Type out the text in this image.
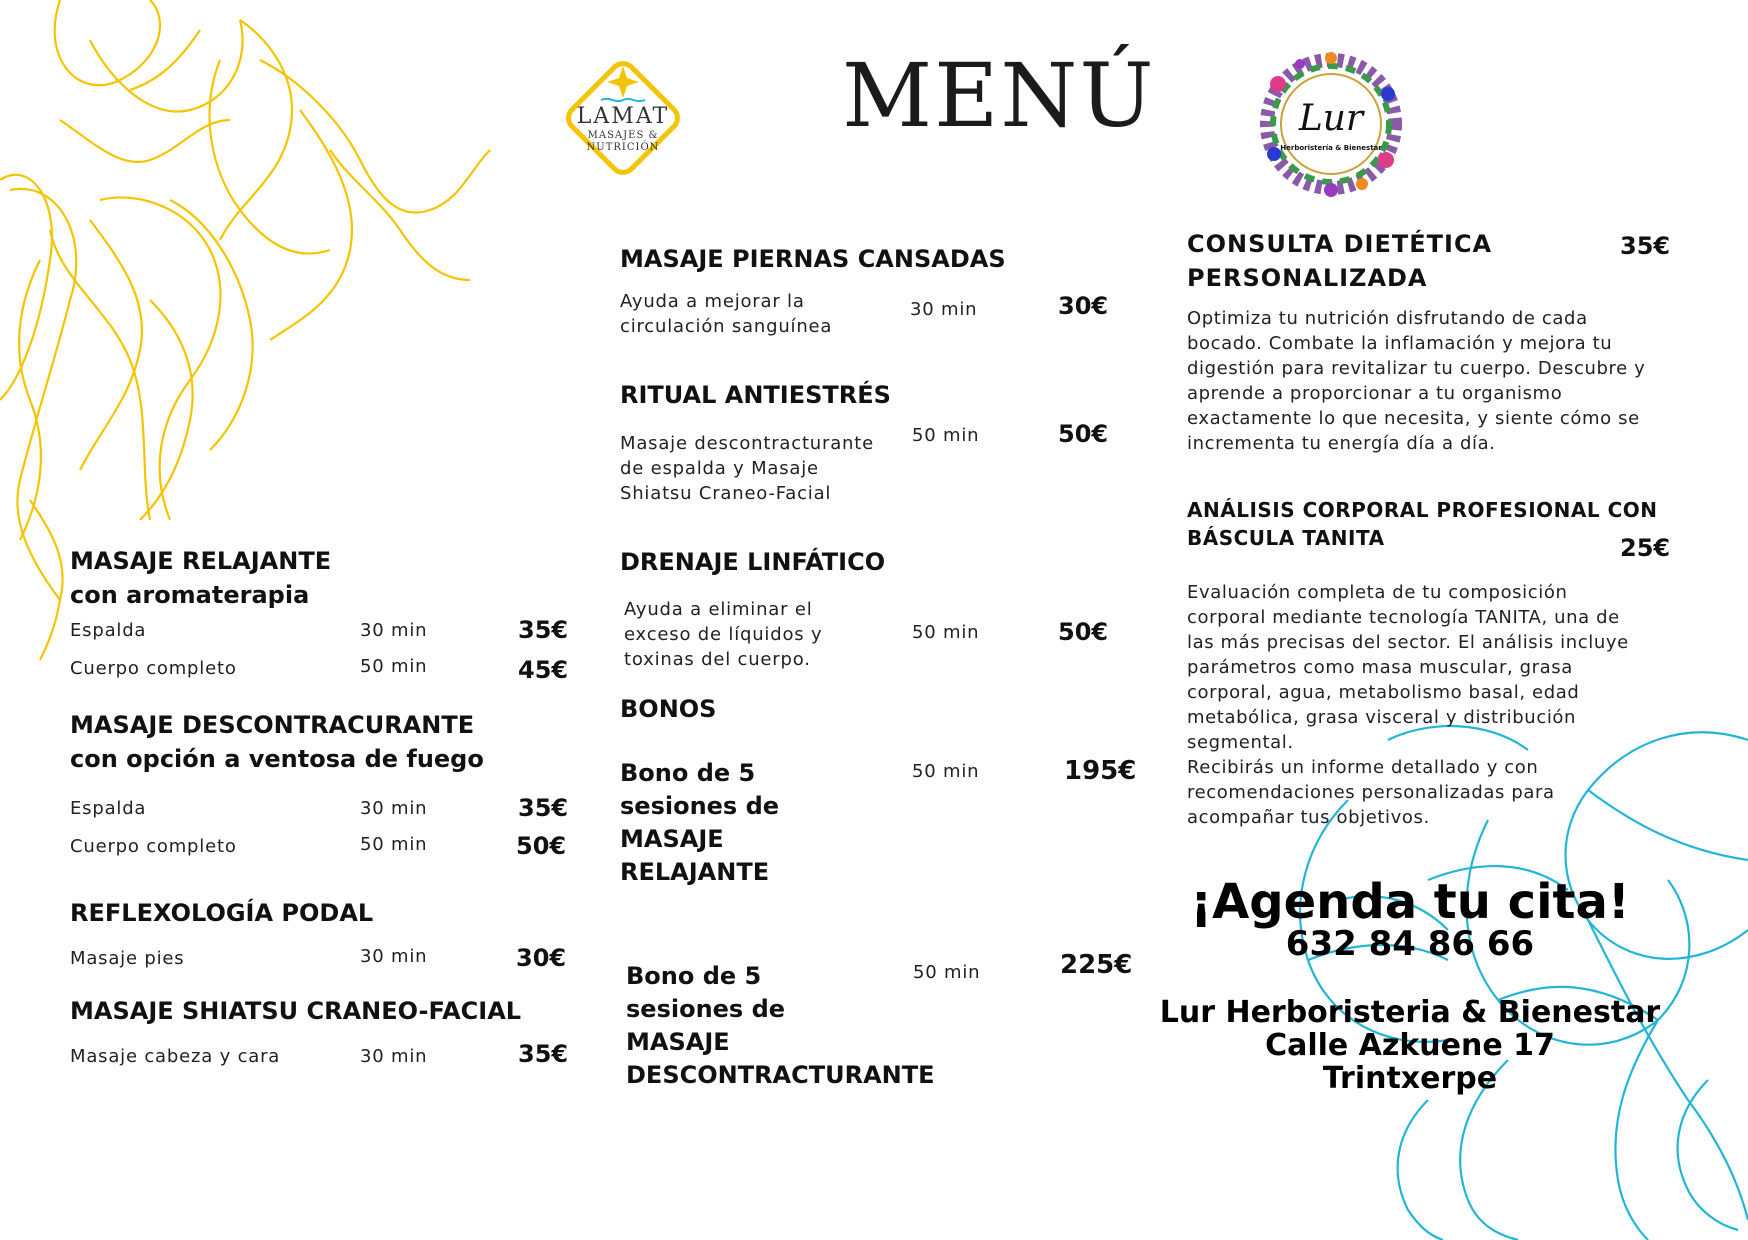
LAMAT
MASAJES &
NUTRICIÓN
MENÚ	Lur
Herboristería & Bienestar
MASAJE RELAJANTE
con aromaterapia
Espalda	30 min	35€
Cuerpo completo	50 min	45€
MASAJE DESCONTRACURANTE
con opción a ventosa de fuego
Espalda	30 min	35€
Cuerpo completo	50 min	50€
REFLEXOLOGÍA PODAL
Masaje pies	30 min	30€
MASAJE SHIATSU CRANEO-FACIAL
Masaje cabeza y cara	30 min	35€
MASAJE PIERNAS CANSADAS
Ayuda a mejorar la
circulación sanguínea
30 min	30€
RITUAL ANTIESTRÉS
Masaje descontracturante
de espalda y Masaje
Shiatsu Craneo-Facial
50 min	50€
DRENAJE LINFÁTICO
Ayuda a eliminar el
exceso de líquidos y
toxinas del cuerpo.
50 min	50€
BONOS
Bono de 5
sesiones de
MASAJE
RELAJANTE
50 min	195€
Bono de 5
sesiones de
MASAJE
DESCONTRACTURANTE
50 min	225€
CONSULTA DIETÉTICA
PERSONALIZADA
35€
Optimiza tu nutrición disfrutando de cada
bocado. Combate la inflamación y mejora tu
digestión para revitalizar tu cuerpo. Descubre y
aprende a proporcionar a tu organismo
exactamente lo que necesita, y siente cómo se
incrementa tu energía día a día.
ANÁLISIS CORPORAL PROFESIONAL CON
BÁSCULA TANITA	25€
Evaluación completa de tu composición
corporal mediante tecnología TANITA, una de
las más precisas del sector. El análisis incluye
parámetros como masa muscular, grasa
corporal, agua, metabolismo basal, edad
metabólica, grasa visceral y distribución
segmental.
Recibirás un informe detallado y con
recomendaciones personalizadas para
acompañar tus objetivos.
¡Agenda tu cita!
632 84 86 66
Lur Herboristeria & Bienestar
Calle Azkuene 17
Trintxerpe
